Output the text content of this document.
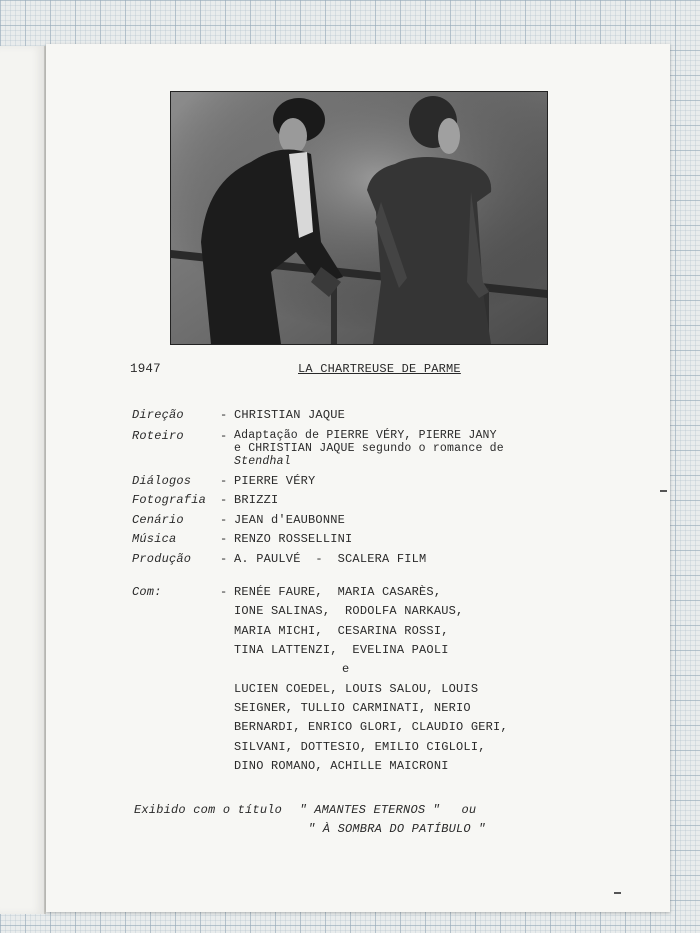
1947	LA CHARTREUSE DE PARME
Direção	- CHRISTIAN JAQUE
Roteiro	- Adaptação de PIERRE VÉRY, PIERRE JANY
e CHRISTIAN JAQUE segundo o romance de
Stendhal
Diálogos - PIERRE VÉRY
Fotografia - BRIZZI
Cenário	- JEAN d'EAUBONNE
Música	- RENZO ROSSELLINI
Produção - A. PAULVÉ  -  SCALERA FILM
Com:	- RENÉE FAURE,  MARIA CASARÈS,
IONE SALINAS,  RODOLFA NARKAUS,
MARIA MICHI,  CESARINA ROSSI,
TINA LATTENZI,  EVELINA PAOLI
e
LUCIEN COEDEL, LOUIS SALOU, LOUIS
SEIGNER, TULLIO CARMINATI, NERIO
BERNARDI, ENRICO GLORI, CLAUDIO GERI,
SILVANI, DOTTESIO, EMILIO CIGLOLI,
DINO ROMANO, ACHILLE MAICRONI
Exibido com o título " AMANTES ETERNOS " ou
" À SOMBRA DO PATÍBULO "
